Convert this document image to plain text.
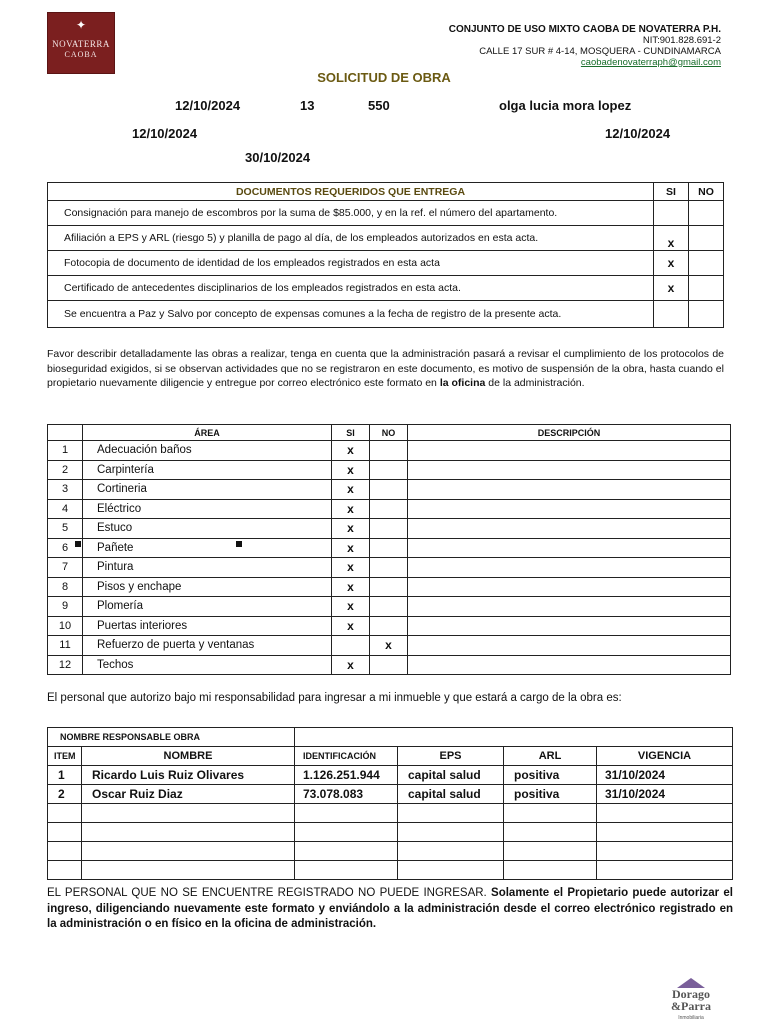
✦
NOVATERRA
CAOBA
CONJUNTO DE USO MIXTO CAOBA DE NOVATERRA P.H.
NIT:901.828.691-2
CALLE 17 SUR # 4-14, MOSQUERA - CUNDINAMARCA
caobadenovaterraph@gmail.com
SOLICITUD DE OBRA
12/10/2024	13	550	olga lucia mora lopez
12/10/2024	12/10/2024
30/10/2024
DOCUMENTOS REQUERIDOS QUE ENTREGA	SI	NO
Consignación para manejo de escombros por la suma de $85.000, y en la ref. el número del apartamento.		
Afiliación a EPS y ARL (riesgo 5) y planilla de pago al día, de los empleados autorizados en esta acta.	x	
Fotocopia de documento de identidad de los empleados registrados en esta acta	x	
Certificado de antecedentes disciplinarios de los empleados registrados en esta acta.	x	
Se encuentra a Paz y Salvo por concepto de expensas comunes a la fecha de registro de la presente acta.		
Favor describir detalladamente las obras a realizar, tenga en cuenta que la administración pasará a revisar el cumplimiento de los protocolos de bioseguridad exigidos, si se observan actividades que no se registraron en este documento, es motivo de suspensión de la obra, hasta cuando el propietario nuevamente diligencie y entregue por correo electrónico este formato en la oficina de la administración.
	ÁREA	SI	NO	DESCRIPCIÓN
1	Adecuación baños	x		
2	Carpintería	x		
3	Cortineria	x		
4	Eléctrico	x		
5	Estuco	x		
6	Pañete	x		
7	Pintura	x		
8	Pisos y enchape	x		
9	Plomería	x		
10	Puertas interiores	x		
11	Refuerzo de puerta y ventanas		x	
12	Techos	x		
El personal que autorizo bajo mi responsabilidad para ingresar a mi inmueble y que estará a cargo de la obra es:
NOMBRE RESPONSABLE OBRA					
ITEM	NOMBRE	IDENTIFICACIÓN	EPS	ARL	VIGENCIA
1	Ricardo Luis Ruiz Olivares	1.126.251.944	capital salud	positiva	31/10/2024
2	Oscar Ruiz Diaz	73.078.083	capital salud	positiva	31/10/2024

EL PERSONAL QUE NO SE ENCUENTRE REGISTRADO NO PUEDE INGRESAR. Solamente el Propietario puede autorizar el ingreso, diligenciando nuevamente este formato y enviándolo a la administración desde el correo electrónico registrado en la administración o en físico en la oficina de administración.
Dorago
&Parra
Inmobiliaria
